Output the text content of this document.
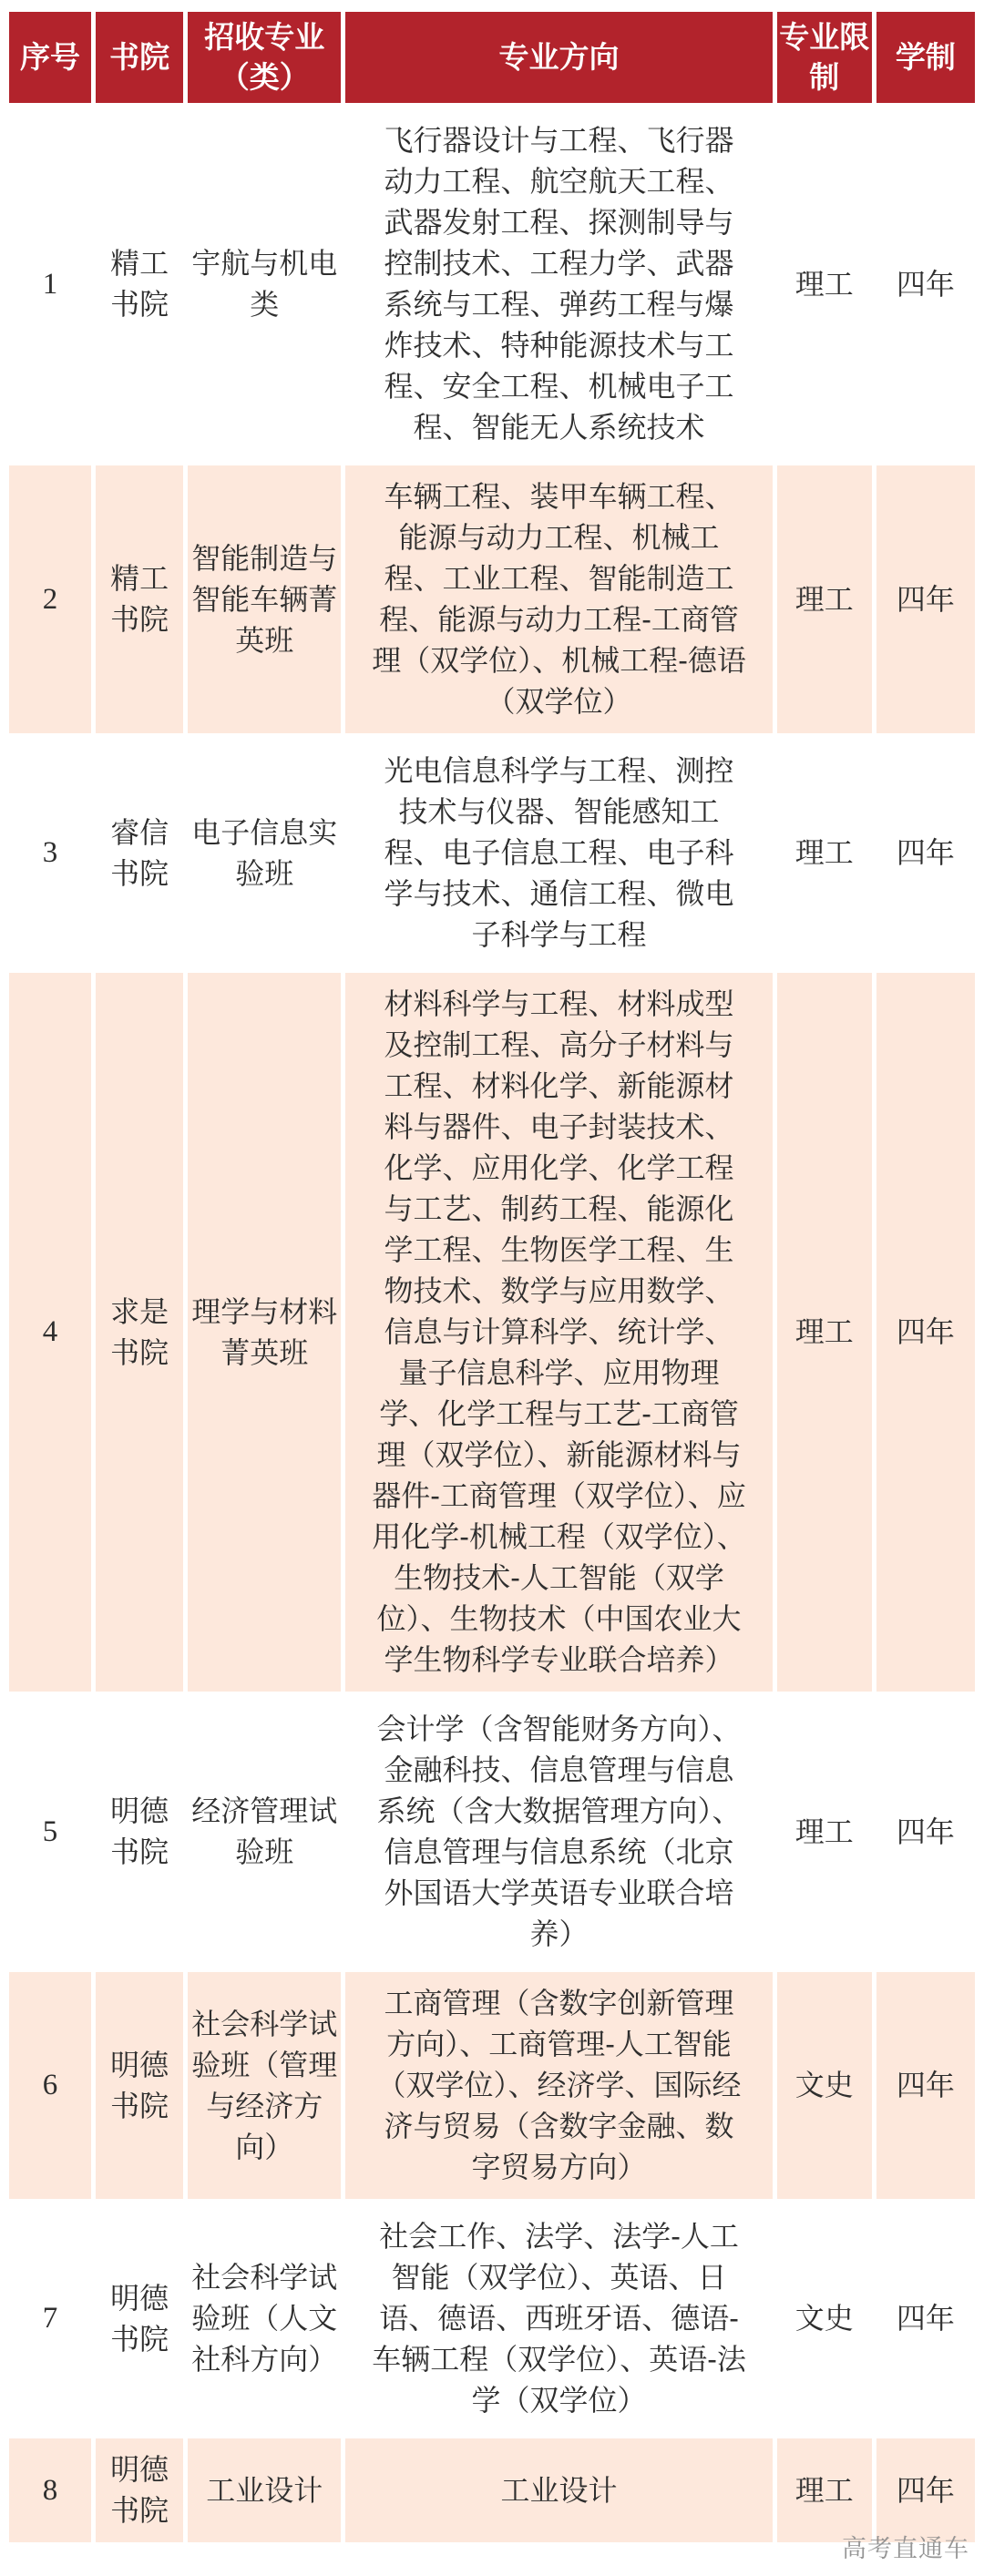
序号	书院	招收专业（类）	专业方向	专业限制	学制
1	精工书院	宇航与机电类	飞行器设计与工程、飞行器动力工程、航空航天工程、武器发射工程、探测制导与控制技术、工程力学、武器系统与工程、弹药工程与爆炸技术、特种能源技术与工程、安全工程、机械电子工程、智能无人系统技术	理工	四年
2	精工书院	智能制造与智能车辆菁英班	车辆工程、装甲车辆工程、能源与动力工程、机械工程、工业工程、智能制造工程、能源与动力工程-工商管理（双学位）、机械工程-德语（双学位）	理工	四年
3	睿信书院	电子信息实验班	光电信息科学与工程、测控技术与仪器、智能感知工程、电子信息工程、电子科学与技术、通信工程、微电子科学与工程	理工	四年
4	求是书院	理学与材料菁英班	材料科学与工程、材料成型及控制工程、高分子材料与工程、材料化学、新能源材料与器件、电子封装技术、化学、应用化学、化学工程与工艺、制药工程、能源化学工程、生物医学工程、生物技术、数学与应用数学、信息与计算科学、统计学、量子信息科学、应用物理学、化学工程与工艺-工商管理（双学位）、新能源材料与器件-工商管理（双学位）、应用化学-机械工程（双学位）、生物技术-人工智能（双学位）、生物技术（中国农业大学生物科学专业联合培养）	理工	四年
5	明德书院	经济管理试验班	会计学（含智能财务方向）、金融科技、信息管理与信息系统（含大数据管理方向）、信息管理与信息系统（北京外国语大学英语专业联合培养）	理工	四年
6	明德书院	社会科学试验班（管理与经济方向）	工商管理（含数字创新管理方向）、工商管理-人工智能（双学位）、经济学、国际经济与贸易（含数字金融、数字贸易方向）	文史	四年
7	明德书院	社会科学试验班（人文社科方向）	社会工作、法学、法学-人工智能（双学位）、英语、日语、德语、西班牙语、德语-车辆工程（双学位）、英语-法学（双学位）	文史	四年
8	明德书院	工业设计	工业设计	理工	四年
高考直通车
